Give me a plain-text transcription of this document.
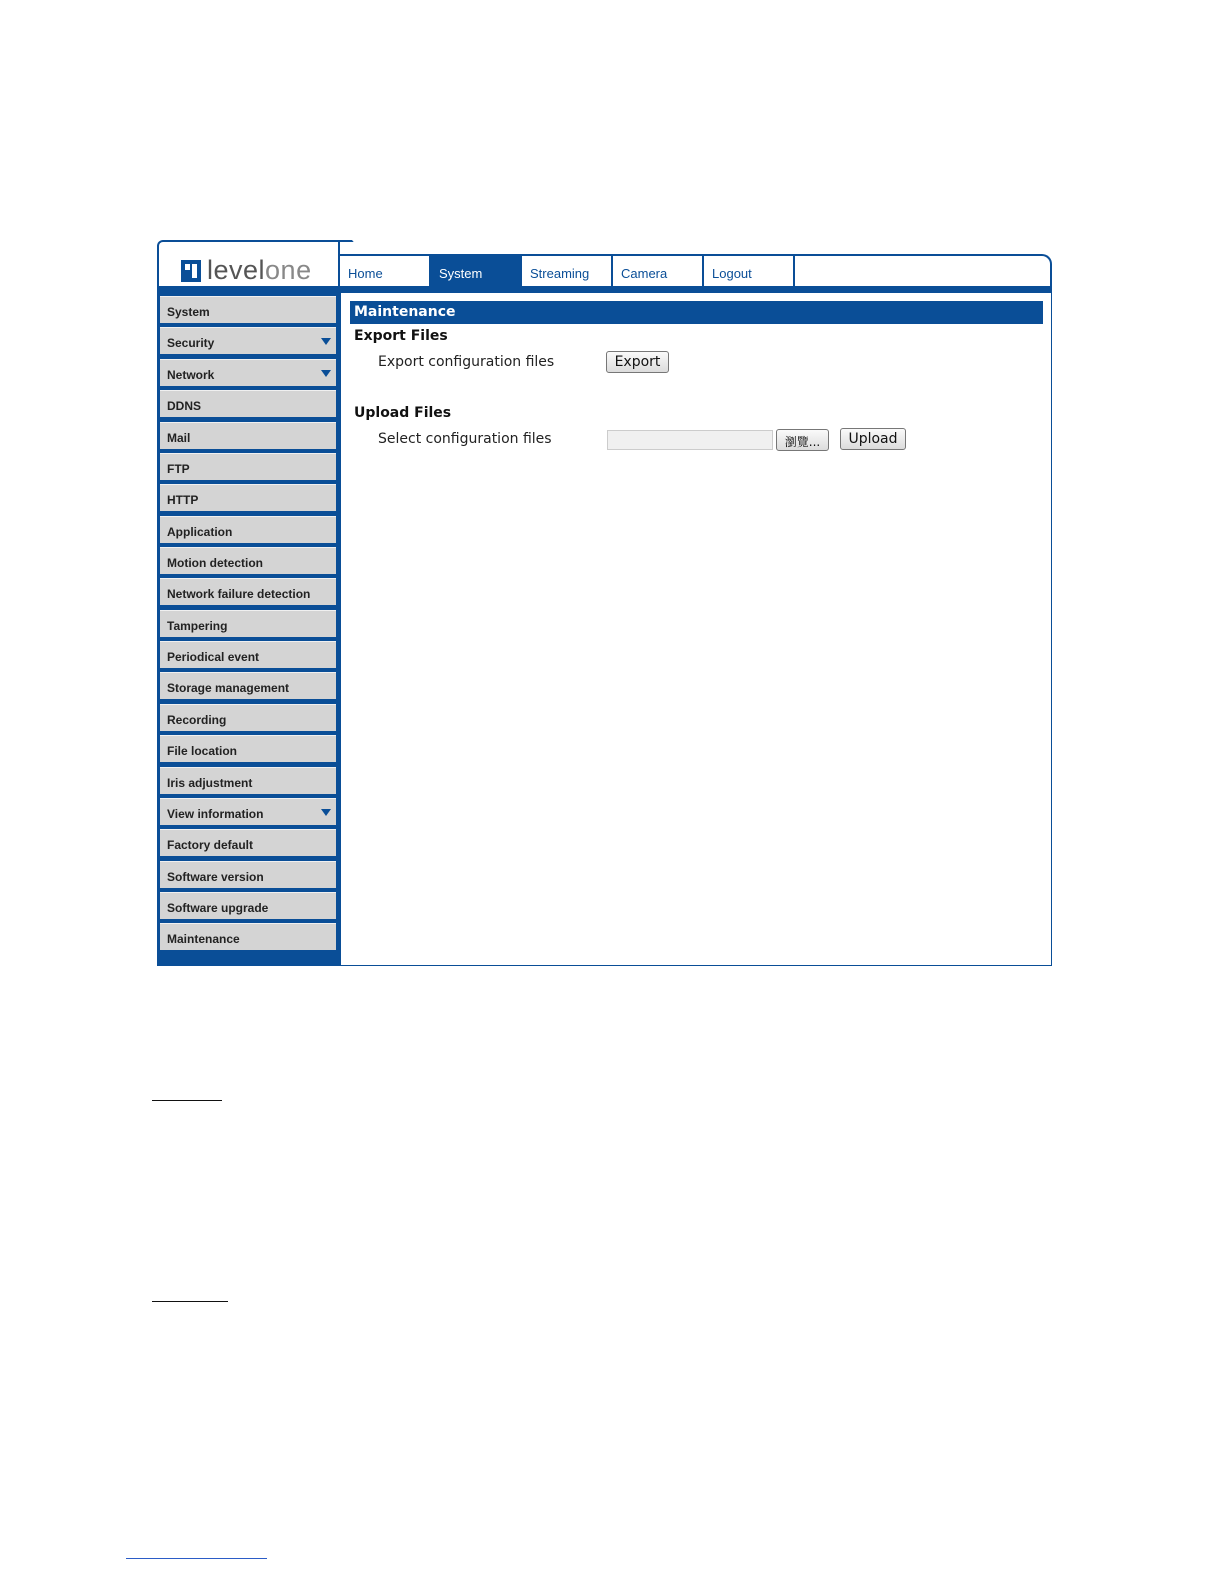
level one	Home	System	Streaming	Camera	Logout
System
Security
Network
DDNS
Mail
FTP
HTTP
Application
Motion detection
Network failure detection
Tampering
Periodical event
Storage management
Recording
File location
Iris adjustment
View information
Factory default
Software version
Software upgrade
Maintenance
Maintenance
Export Files
Export configuration files	Export
Upload Files
Select configuration files	瀏覽...	Upload
